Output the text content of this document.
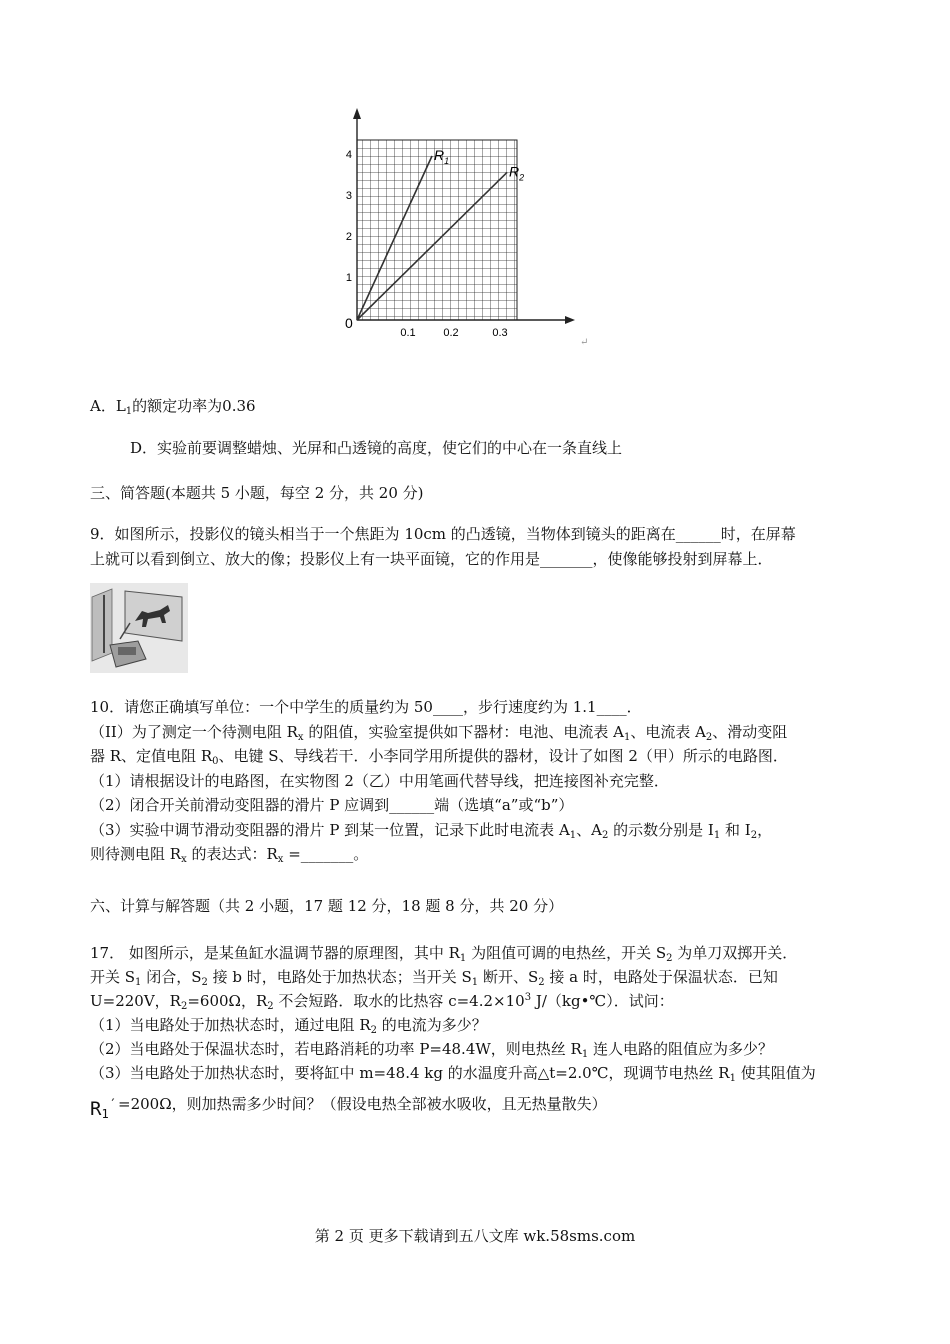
4
3
2
1
0
0.1	0.2	0.3
$R_1$
$R_2$
↵
A．$L_1$的额定功率为0.36
D．实验前要调整蜡烛、光屏和凸透镜的高度，使它们的中心在一条直线上
三、简答题(本题共 5 小题，每空 2 分，共 20 分)
9．如图所示，投影仪的镜头相当于一个焦距为 10cm 的凸透镜，当物体到镜头的距离在______时，在屏幕
上就可以看到倒立、放大的像；投影仪上有一块平面镜，它的作用是_______，使像能够投射到屏幕上．
10．请您正确填写单位：一个中学生的质量约为 50____，步行速度约为 1.1____．
（II）为了测定一个待测电阻 $R_x$ 的阻值，实验室提供如下器材：电池、电流表 $A_1$、电流表 $A_2$、滑动变阻
器 R、定值电阻 $R_0$、电键 S、导线若干．小李同学用所提供的器材，设计了如图 2（甲）所示的电路图．
（1）请根据设计的电路图，在实物图 2（乙）中用笔画代替导线，把连接图补充完整．
（2）闭合开关前滑动变阻器的滑片 P 应调到______端（选填“a”或“b”）
（3）实验中调节滑动变阻器的滑片 P 到某一位置，记录下此时电流表 $A_1$、$A_2$ 的示数分别是 $I_1$ 和 $I_2$，
则待测电阻 $R_x$ 的表达式：$R_x$ =_______。
六、计算与解答题（共 2 小题，17 题 12 分，18 题 8 分，共 20 分）
17． 如图所示，是某鱼缸水温调节器的原理图，其中 $R_1$ 为阻值可调的电热丝，开关 $S_2$ 为单刀双掷开关．
开关 $S_1$ 闭合，$S_2$ 接 b 时，电路处于加热状态；当开关 $S_1$ 断开、$S_2$ 接 a 时，电路处于保温状态．已知
U=220V，$R_2=600\Omega$，$R_2$ 不会短路．取水的比热容 $c=4.2\times 10^3$ J/（kg•℃）．试问：
（1）当电路处于加热状态时，通过电阻 $R_2$ 的电流为多少？
（2）当电路处于保温状态时，若电路消耗的功率 P=48.4W，则电热丝 $R_1$ 连人电路的阻值应为多少？
（3）当电路处于加热状态时，要将缸中 m=48.4 kg 的水温度升高△t=2.0℃，现调节电热丝 $R_1$ 使其阻值为
$R_1' =200\Omega$，则加热需多少时间？（假设电热全部被水吸收，且无热量散失）
第 2 页 更多下载请到五八文库 wk.58sms.com
